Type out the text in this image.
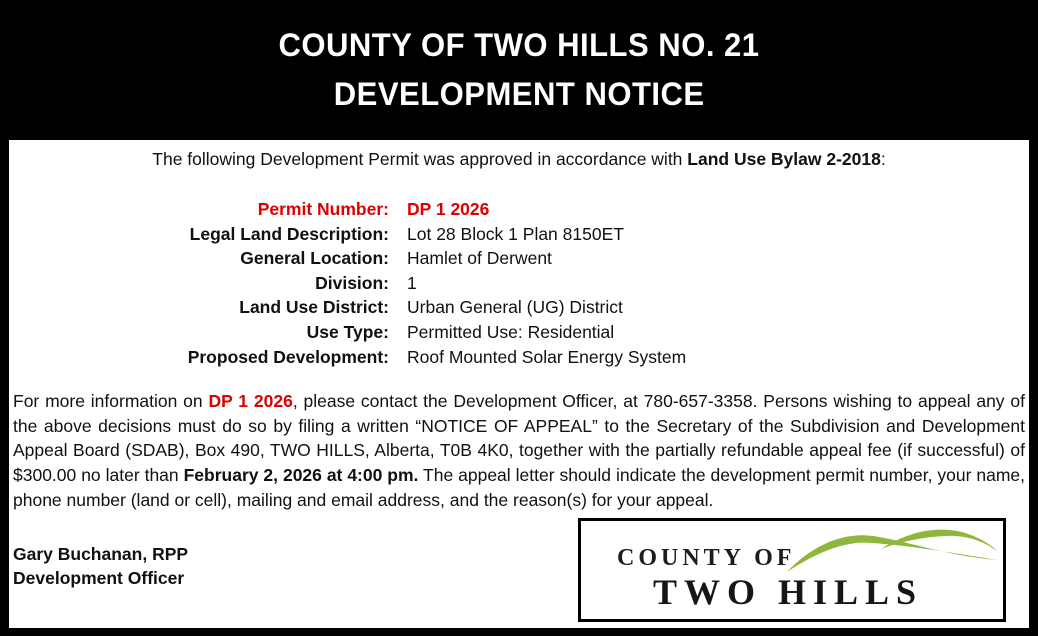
COUNTY OF TWO HILLS NO. 21
DEVELOPMENT NOTICE
The following Development Permit was approved in accordance with Land Use Bylaw 2-2018:
Permit Number: DP 1 2026
Legal Land Description: Lot 28 Block 1 Plan 8150ET
General Location: Hamlet of Derwent
Division: 1
Land Use District: Urban General (UG) District
Use Type: Permitted Use: Residential
Proposed Development: Roof Mounted Solar Energy System
For more information on DP 1 2026, please contact the Development Officer, at 780-657-3358. Persons wishing to appeal any of the above decisions must do so by filing a written “NOTICE OF APPEAL” to the Secretary of the Subdivision and Development Appeal Board (SDAB), Box 490, TWO HILLS, Alberta, T0B 4K0, together with the partially refundable appeal fee (if successful) of $300.00 no later than February 2, 2026 at 4:00 pm. The appeal letter should indicate the development permit number, your name, phone number (land or cell), mailing and email address, and the reason(s) for your appeal.
Gary Buchanan, RPP
Development Officer
COUNTY OF
TWO HILLS
